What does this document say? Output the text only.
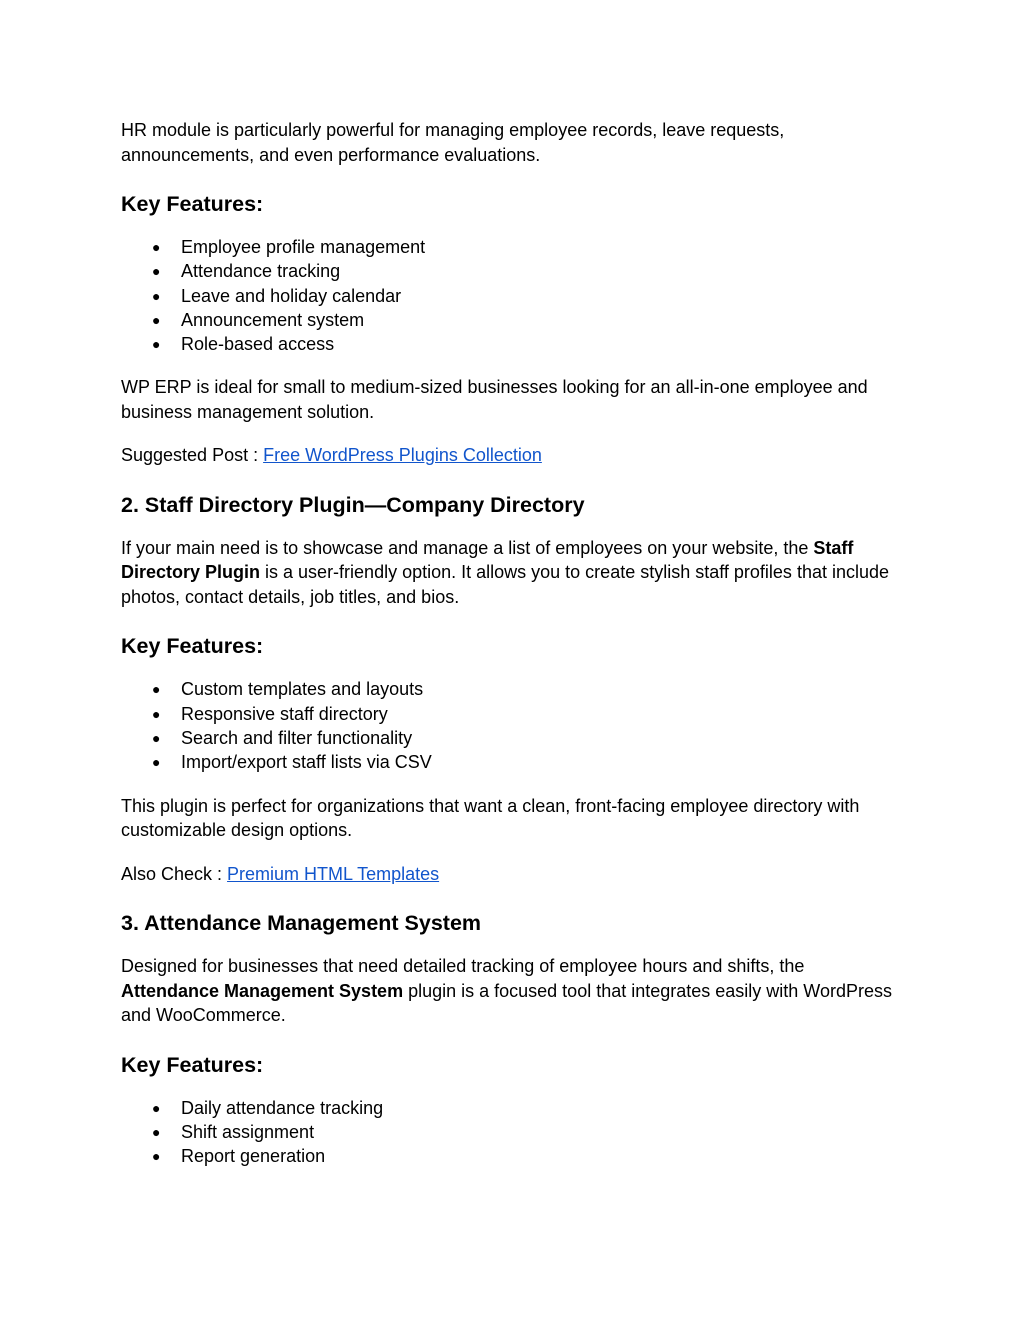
HR module is particularly powerful for managing employee records, leave requests, announcements, and even performance evaluations.

Key Features:
● Employee profile management
● Attendance tracking
● Leave and holiday calendar
● Announcement system
● Role-based access

WP ERP is ideal for small to medium-sized businesses looking for an all-in-one employee and business management solution.

Suggested Post : Free WordPress Plugins Collection

2. Staff Directory Plugin—Company Directory

If your main need is to showcase and manage a list of employees on your website, the Staff Directory Plugin is a user-friendly option. It allows you to create stylish staff profiles that include photos, contact details, job titles, and bios.

Key Features:
● Custom templates and layouts
● Responsive staff directory
● Search and filter functionality
● Import/export staff lists via CSV

This plugin is perfect for organizations that want a clean, front-facing employee directory with customizable design options.

Also Check : Premium HTML Templates

3. Attendance Management System

Designed for businesses that need detailed tracking of employee hours and shifts, the Attendance Management System plugin is a focused tool that integrates easily with WordPress and WooCommerce.

Key Features:
● Daily attendance tracking
● Shift assignment
● Report generation
